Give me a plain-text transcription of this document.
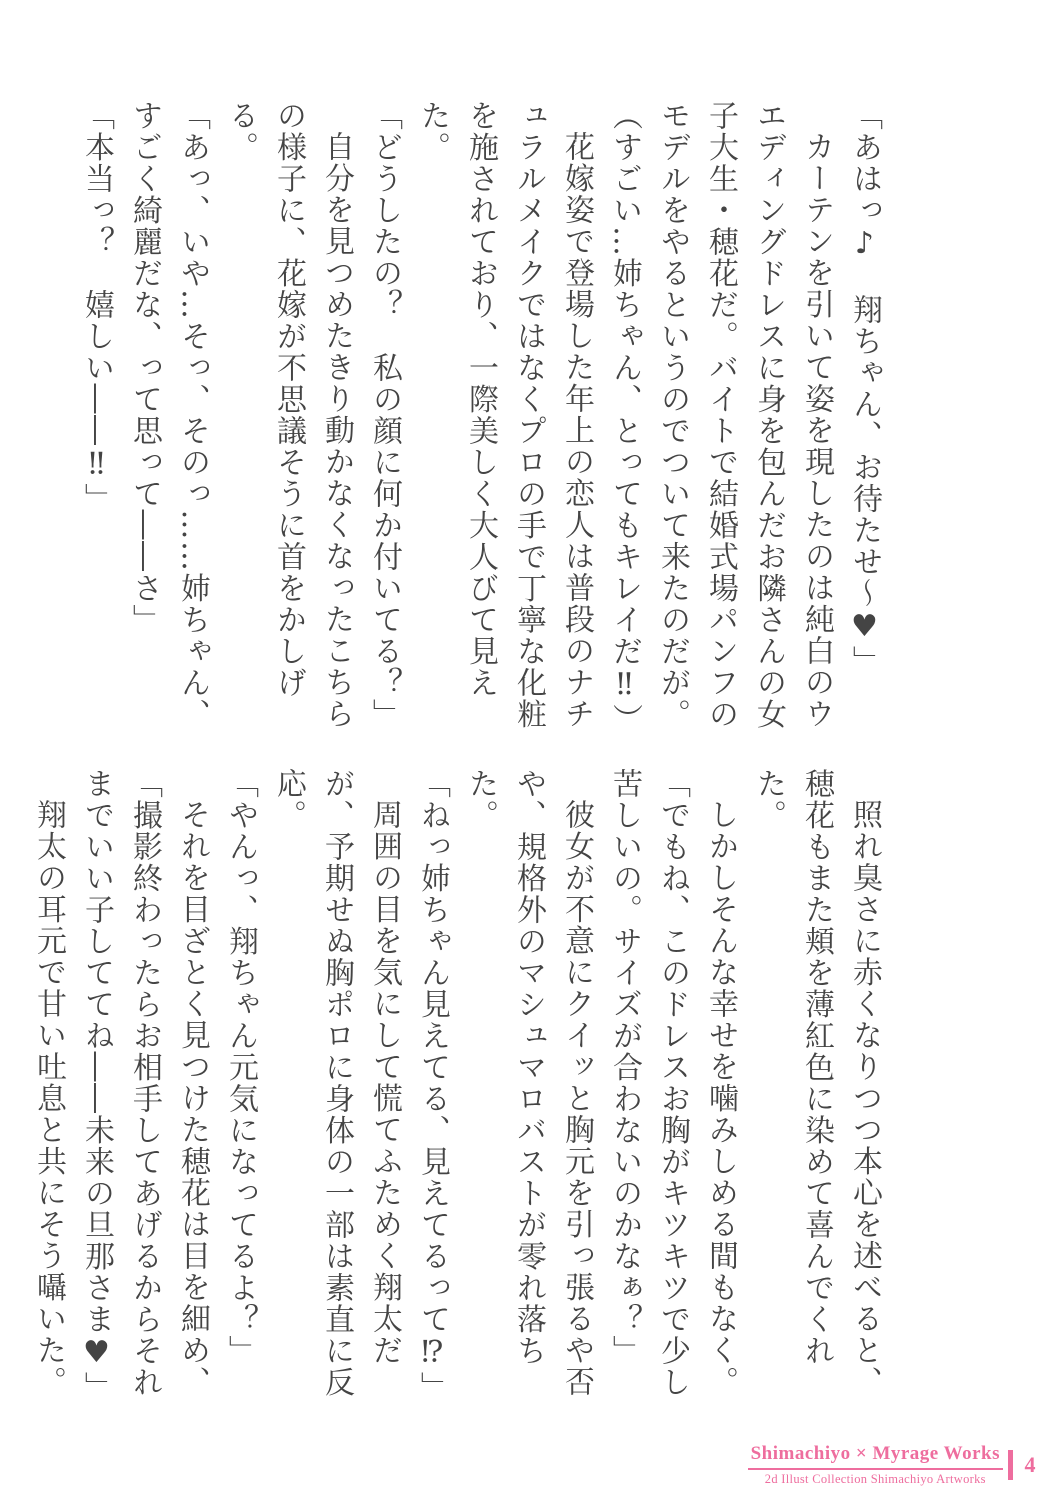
「あはっ♪　翔ちゃん、お待たせ〜♥」

カーテンを引いて姿を現したのは純白のウエディングドレスに身を包んだお隣さんの女子大生・穂花だ。バイトで結婚式場パンフのモデルをやるというのでついて来たのだが。

（すごい…姉ちゃん、とってもキレイだ‼）

花嫁姿で登場した年上の恋人は普段のナチュラルメイクではなくプロの手で丁寧な化粧を施されており、一際美しく大人びて見えた。

「どうしたの？　私の顔に何か付いてる？」

自分を見つめたきり動かなくなったこちらの様子に、花嫁が不思議そうに首をかしげる。

「あっ、いや…そっ、そのっ……姉ちゃん、すごく綺麗だな、って思って――さ」

「本当っ？　嬉しい――‼」

照れ臭さに赤くなりつつ本心を述べると、穂花もまた頬を薄紅色に染めて喜んでくれた。

しかしそんな幸せを噛みしめる間もなく。

「でもね、このドレスお胸がキツキツで少し苦しいの。サイズが合わないのかなぁ？」

彼女が不意にクイッと胸元を引っ張るや否や、規格外のマシュマロバストが零れ落ちた。

「ねっ姉ちゃん見えてる、見えてるって⁉」

周囲の目を気にして慌てふためく翔太だが、予期せぬ胸ポロに身体の一部は素直に反応。

「やんっ、翔ちゃん元気になってるよ？」

それを目ざとく見つけた穂花は目を細め、

「撮影終わったらお相手してあげるからそれまでいい子しててね――未来の旦那さま♥」

翔太の耳元で甘い吐息と共にそう囁いた。

Shimachiyo × Myrage Works
2d Illust Collection Shimachiyo Artworks
4
